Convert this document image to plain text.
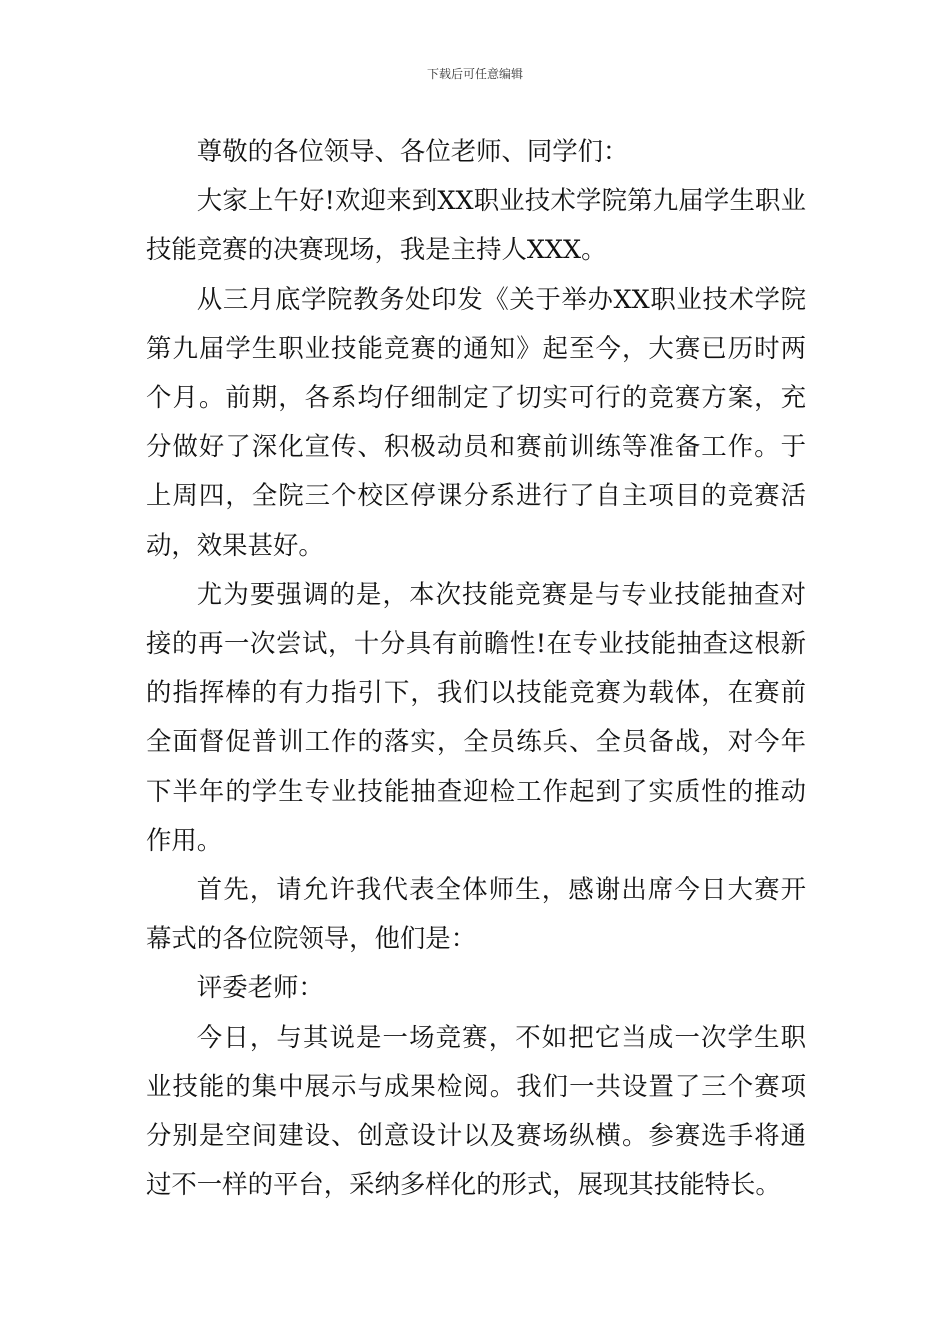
下载后可任意编辑

尊敬的各位领导、各位老师、同学们：

大家上午好!欢迎来到XX职业技术学院第九届学生职业技能竞赛的决赛现场，我是主持人XXX。

从三月底学院教务处印发《关于举办XX职业技术学院第九届学生职业技能竞赛的通知》起至今，大赛已历时两个月。前期，各系均仔细制定了切实可行的竞赛方案，充分做好了深化宣传、积极动员和赛前训练等准备工作。于上周四，全院三个校区停课分系进行了自主项目的竞赛活动，效果甚好。

尤为要强调的是，本次技能竞赛是与专业技能抽查对接的再一次尝试，十分具有前瞻性!在专业技能抽查这根新的指挥棒的有力指引下，我们以技能竞赛为载体，在赛前全面督促普训工作的落实，全员练兵、全员备战，对今年下半年的学生专业技能抽查迎检工作起到了实质性的推动作用。

首先，请允许我代表全体师生，感谢出席今日大赛开幕式的各位院领导，他们是：

评委老师：

今日，与其说是一场竞赛，不如把它当成一次学生职业技能的集中展示与成果检阅。我们一共设置了三个赛项分别是空间建设、创意设计以及赛场纵横。参赛选手将通过不一样的平台，采纳多样化的形式，展现其技能特长。
